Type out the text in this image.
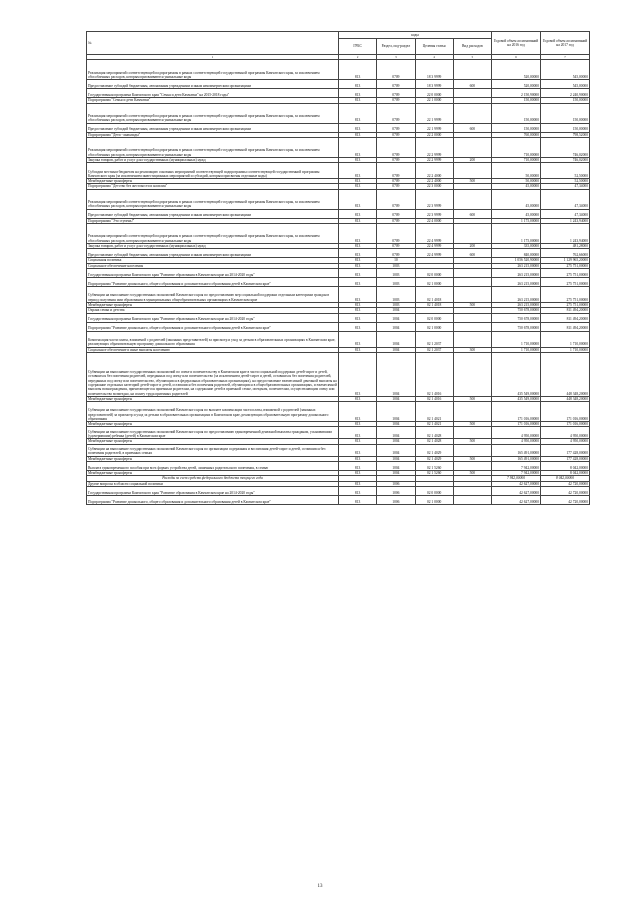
№	коды				Годовой объем ассигнований на 2016 год	Годовой объем ассигнований на 2017 год
	ГРБС	Раздел, под-раздел	Целевая статья	Вид расходов		
1	2	3	4	5	6	7
Реализация мероприятий соответствующей подпрограммы в рамках соответствующей государственной программы Камчатского края, за исключением обособленных расходов, которым присваиваются уникальные коды	813	0709	18 3 9999		520,00000	545,00000
Предоставление субсидий бюджетным, автономным учреждениям и иным некоммерческим организациям	813	0709	18 3 9999	600	520,00000	545,00000
Государственная программа Камчатского края "Семья и дети Камчатки" на 2015-2018 годы"	813	0709	22 0 0000		2 150,90000	2 240,90000
Подпрограмма "Семья и дети Камчатки"	813	0709	22 1 0000		150,00000	150,00000
Реализация мероприятий соответствующей подпрограммы в рамках соответствующей государственной программы Камчатского края, за исключением обособленных расходов, которым присваиваются уникальные коды	813	0709	22 1 9999		150,00000	150,00000
Предоставление субсидий бюджетным, автономным учреждениям и иным некоммерческим организациям	813	0709	22 1 9999	600	150,00000	150,00000
Подпрограмма "Дети - инвалиды"	813	0709	22 2 0000		760,00000	798,52000
Реализация мероприятий соответствующей подпрограммы в рамках соответствующей государственной программы Камчатского края, за исключением обособленных расходов, которым присваиваются уникальные коды	813	0709	22 2 9999		710,00000	746,02000
Закупка товаров, работ и услуг для государственных (муниципальных) нужд	813	0709	22 2 9999	200	710,00000	746,02000
Субсидии местным бюджетам на реализацию основных мероприятий соответствующей подпрограммы соответствующей государственной программы Камчатского края (за исключением инвестиционных мероприятий и субсидий, которым присвоены отдельные коды)	813	0709	22 2 4000		50,00000	52,50000
Межбюджетные трансферты	813	0709	22 2 4000	500	50,00000	52,50000
Подпрограмма "Детство без жестокости и насилия"	813	0709	22 3 0000		45,00000	47,34000
Реализация мероприятий соответствующей подпрограммы в рамках соответствующей государственной программы Камчатского края, за исключением обособленных расходов, которым присваиваются уникальные коды	813	0709	22 3 9999		45,00000	47,34000
Предоставление субсидий бюджетным, автономным учреждениям и иным некоммерческим организациям	813	0709	22 3 9999	600	45,00000	47,34000
Подпрограмма "Это ступень!"	813	0709	22 4 0000		1 175,00000	1 243,94000
Реализация мероприятий соответствующей подпрограммы в рамках соответствующей государственной программы Камчатского края, за исключением обособленных расходов, которым присваиваются уникальные коды	813	0709	22 4 9999		1 175,00000	1 243,94000
Закупка товаров, работ и услуг для государственных (муниципальных) нужд	813	0709	22 4 9999	200	335,00000	481,28000
Предоставление субсидий бюджетным, автономным учреждениям и иным некоммерческим организациям	813	0709	22 4 9999	600	840,00000	762,66000
Социальная политика	813	10			1 056 520,90000	1 129 965,20000
Социальное обеспечение населения	813	1003			263 215,00000	275 751,00000
Государственная программа Камчатского края "Развитие образования в Камчатском крае на 2014-2020 годы"	813	1003	02 0 0000		263 215,00000	275 751,00000
Подпрограмма "Развитие дошкольного, общего образования и дополнительного образования детей в Камчатском крае"	813	1003	02 1 0000		263 215,00000	275 751,00000
Субвенции на выполнение государственных полномочий Камчатского края по предоставлению мер социальной поддержки отдельным категориям граждан в период получения ими образования в муниципальных общеобразовательных организациях в Камчатском крае	813	1003	02 1 4018		263 215,00000	275 751,00000
Межбюджетные трансферты	813	1003	02 1 4018	500	263 215,00000	275 751,00000
Охрана семьи и детства	813	1004			750 678,00000	811 494,20000
Государственная программа Камчатского края "Развитие образования в Камчатском крае на 2014-2020 годы"	813	1004	02 0 0000		750 678,00000	811 494,20000
Подпрограмма "Развитие дошкольного, общего образования и дополнительного образования детей в Камчатском крае"	813	1004	02 1 0000		750 678,00000	811 494,20000
Компенсация части платы, взимаемой с родителей (законных представителей) за присмотр и уход за детьми в образовательных организациях в Камчатском крае, реализующих образовательную программу дошкольного образования	813	1004	02 1 2037		1 710,00000	1 710,00000
Социальное обеспечение и иные выплаты населению	813	1004	02 1 2037	300	1 710,00000	1 710,00000
Субвенции на выполнение государственных полномочий по опеке и попечительству в Камчатском крае в части социальной поддержки детей-сирот и детей, оставшихся без попечения родителей, переданных под опеку или попечительство (за исключением детей-сирот и детей, оставшихся без попечения родителей, переданных под опеку или попечительство, обучающихся в федеральных образовательных организациях), на предоставление ежемесячной денежной выплаты на содержание отдельных категорий детей-сирот и детей, оставшихся без попечения родителей, обучающихся в общеобразовательных организациях, и ежемесячной выплаты вознаграждения, причитающегося приемным родителям, на содержание детей в приемной семье, опекунам, попечителям, осуществляющим опеку или попечительство возмездно, на оплату труда приемных родителей	813	1004	02 1 4016		435 549,00000	448 348,20000
Межбюджетные трансферты	813	1004	02 1 4016	500	435 549,00000	448 348,20000
Субвенции на выполнение государственных полномочий Камчатского края по выплате компенсации части платы, взимаемой с родителей (законных представителей) за присмотр и уход за детьми в образовательных организациях в Камчатском крае, реализующих образовательную программу дошкольного образования	813	1004	02 1 4021		171 016,00000	171 016,00000
Межбюджетные трансферты	813	1004	02 1 4021	500	171 016,00000	171 016,00000
Субвенции на выполнение государственных полномочий Камчатского края по предоставлению единовременной денежной выплаты гражданам, усыновившим (удочерившим) ребенка (детей) в Камчатском крае	813	1004	02 1 4028		4 950,00000	4 950,00000
Межбюджетные трансферты	813	1004	02 1 4028	500	4 950,00000	4 950,00000
Субвенции на выполнение государственных полномочий Камчатского края по организации содержания и воспитания детей-сирот и детей, оставшихся без попечения родителей, в приемных семьях	813	1004	02 1 4029		165 491,00000	177 428,00000
Межбюджетные трансферты	813	1004	02 1 4029	500	165 491,00000	177 428,00000
Выплата единовременного пособия при всех формах устройства детей, лишенных родительского попечения, в семью	813	1004	02 1 5260		7 942,00000	8 042,00000
Межбюджетные трансферты	813	1004	02 1 5260	500	7 942,00000	8 042,00000
Расходы за счет средств федерального бюджета текущего года					7 942,00000	8 042,00000
Другие вопросы в области социальной политики	813	1006			42 627,00000	42 720,00000
Государственная программа Камчатского края "Развитие образования в Камчатском крае на 2014-2020 годы"	813	1006	02 0 0000		42 627,00000	42 720,00000
Подпрограмма "Развитие дошкольного, общего образования и дополнительного образования детей в Камчатском крае"	813	1006	02 1 0000		42 627,00000	42 720,00000
13
